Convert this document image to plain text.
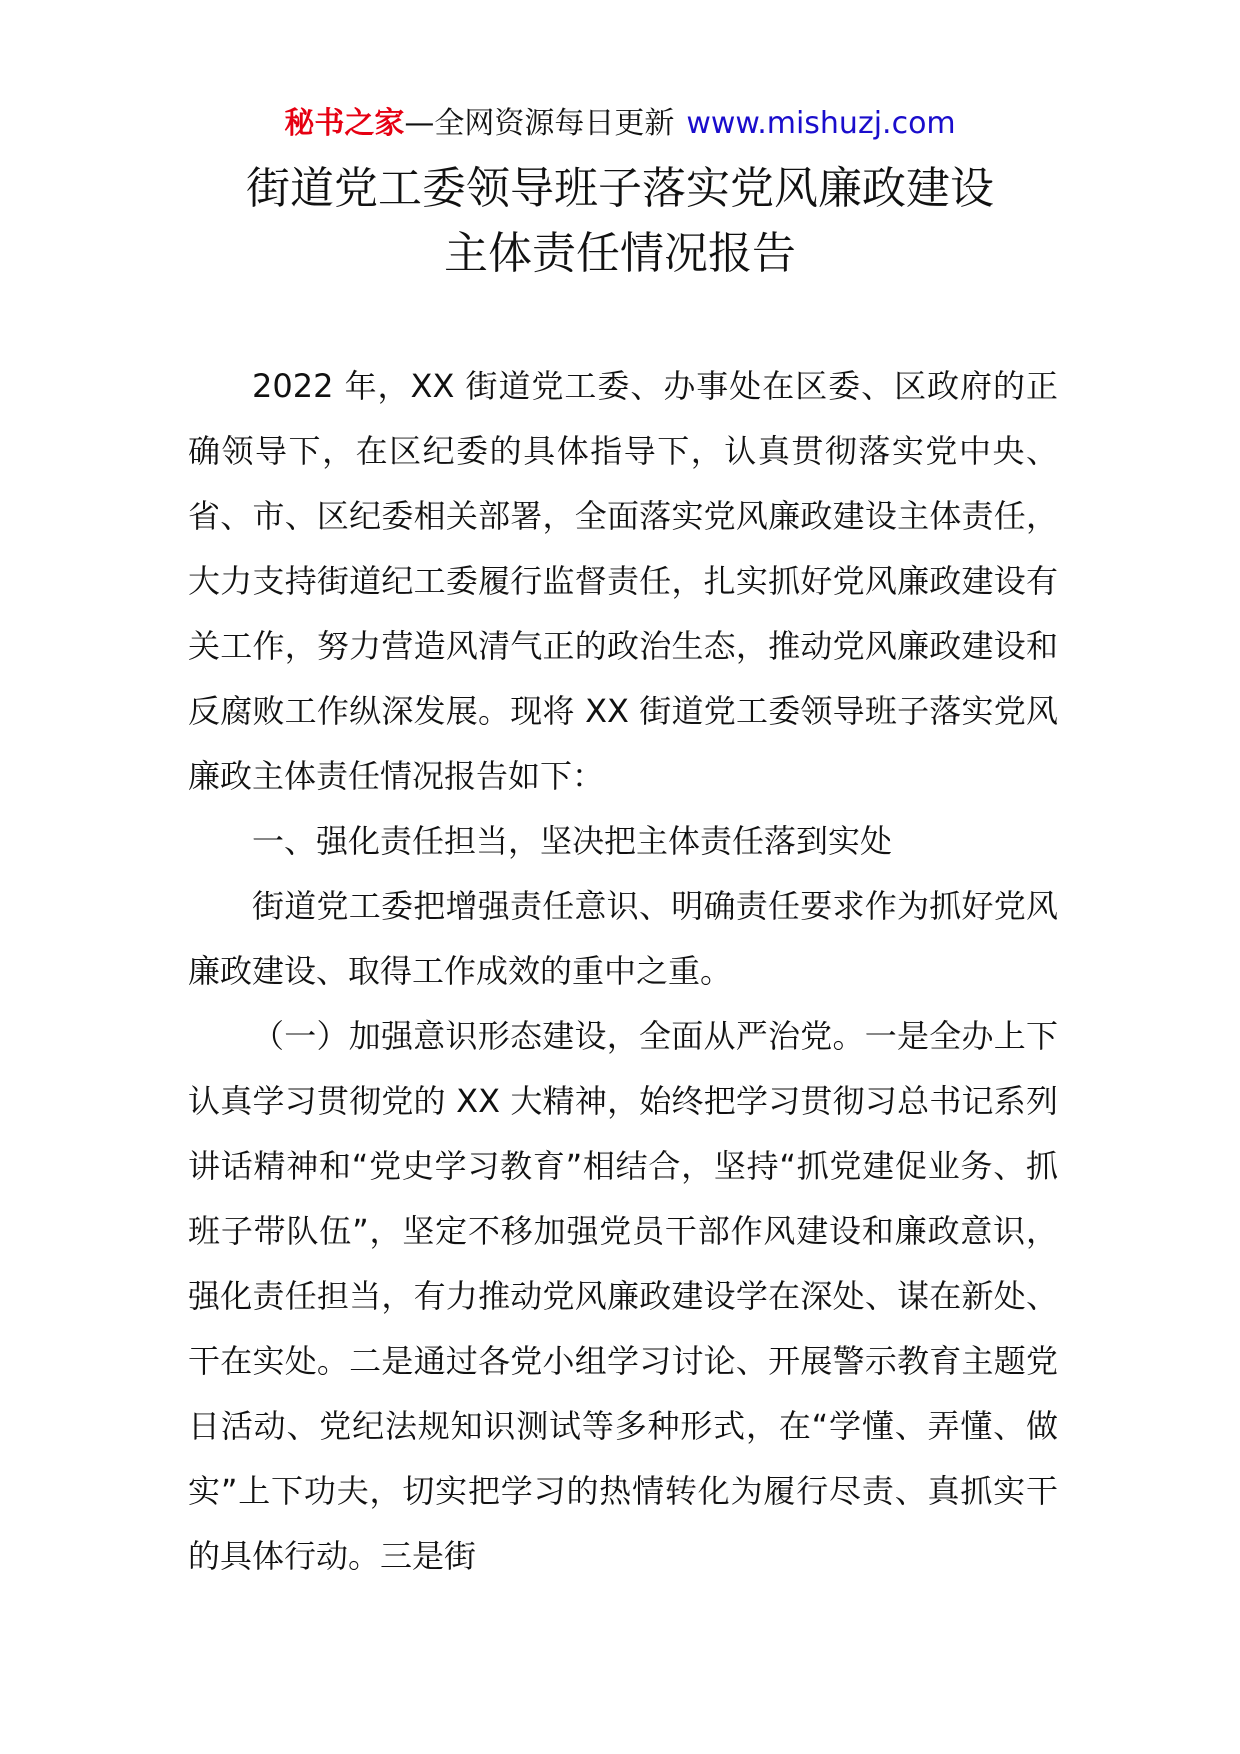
秘书之家—全网资源每日更新 www.mishuzj.com
街道党工委领导班子落实党风廉政建设
主体责任情况报告

2022 年，XX 街道党工委、办事处在区委、区政府的正确领导下，在区纪委的具体指导下，认真贯彻落实党中央、省、市、区纪委相关部署，全面落实党风廉政建设主体责任，大力支持街道纪工委履行监督责任，扎实抓好党风廉政建设有关工作，努力营造风清气正的政治生态，推动党风廉政建设和反腐败工作纵深发展。现将 XX 街道党工委领导班子落实党风廉政主体责任情况报告如下：

一、强化责任担当，坚决把主体责任落到实处

街道党工委把增强责任意识、明确责任要求作为抓好党风廉政建设、取得工作成效的重中之重。

（一）加强意识形态建设，全面从严治党。一是全办上下认真学习贯彻党的 XX 大精神，始终把学习贯彻习总书记系列讲话精神和“党史学习教育”相结合，坚持“抓党建促业务、抓班子带队伍”，坚定不移加强党员干部作风建设和廉政意识，强化责任担当，有力推动党风廉政建设学在深处、谋在新处、干在实处。二是通过各党小组学习讨论、开展警示教育主题党日活动、党纪法规知识测试等多种形式，在“学懂、弄懂、做实”上下功夫，切实把学习的热情转化为履行尽责、真抓实干的具体行动。三是街
